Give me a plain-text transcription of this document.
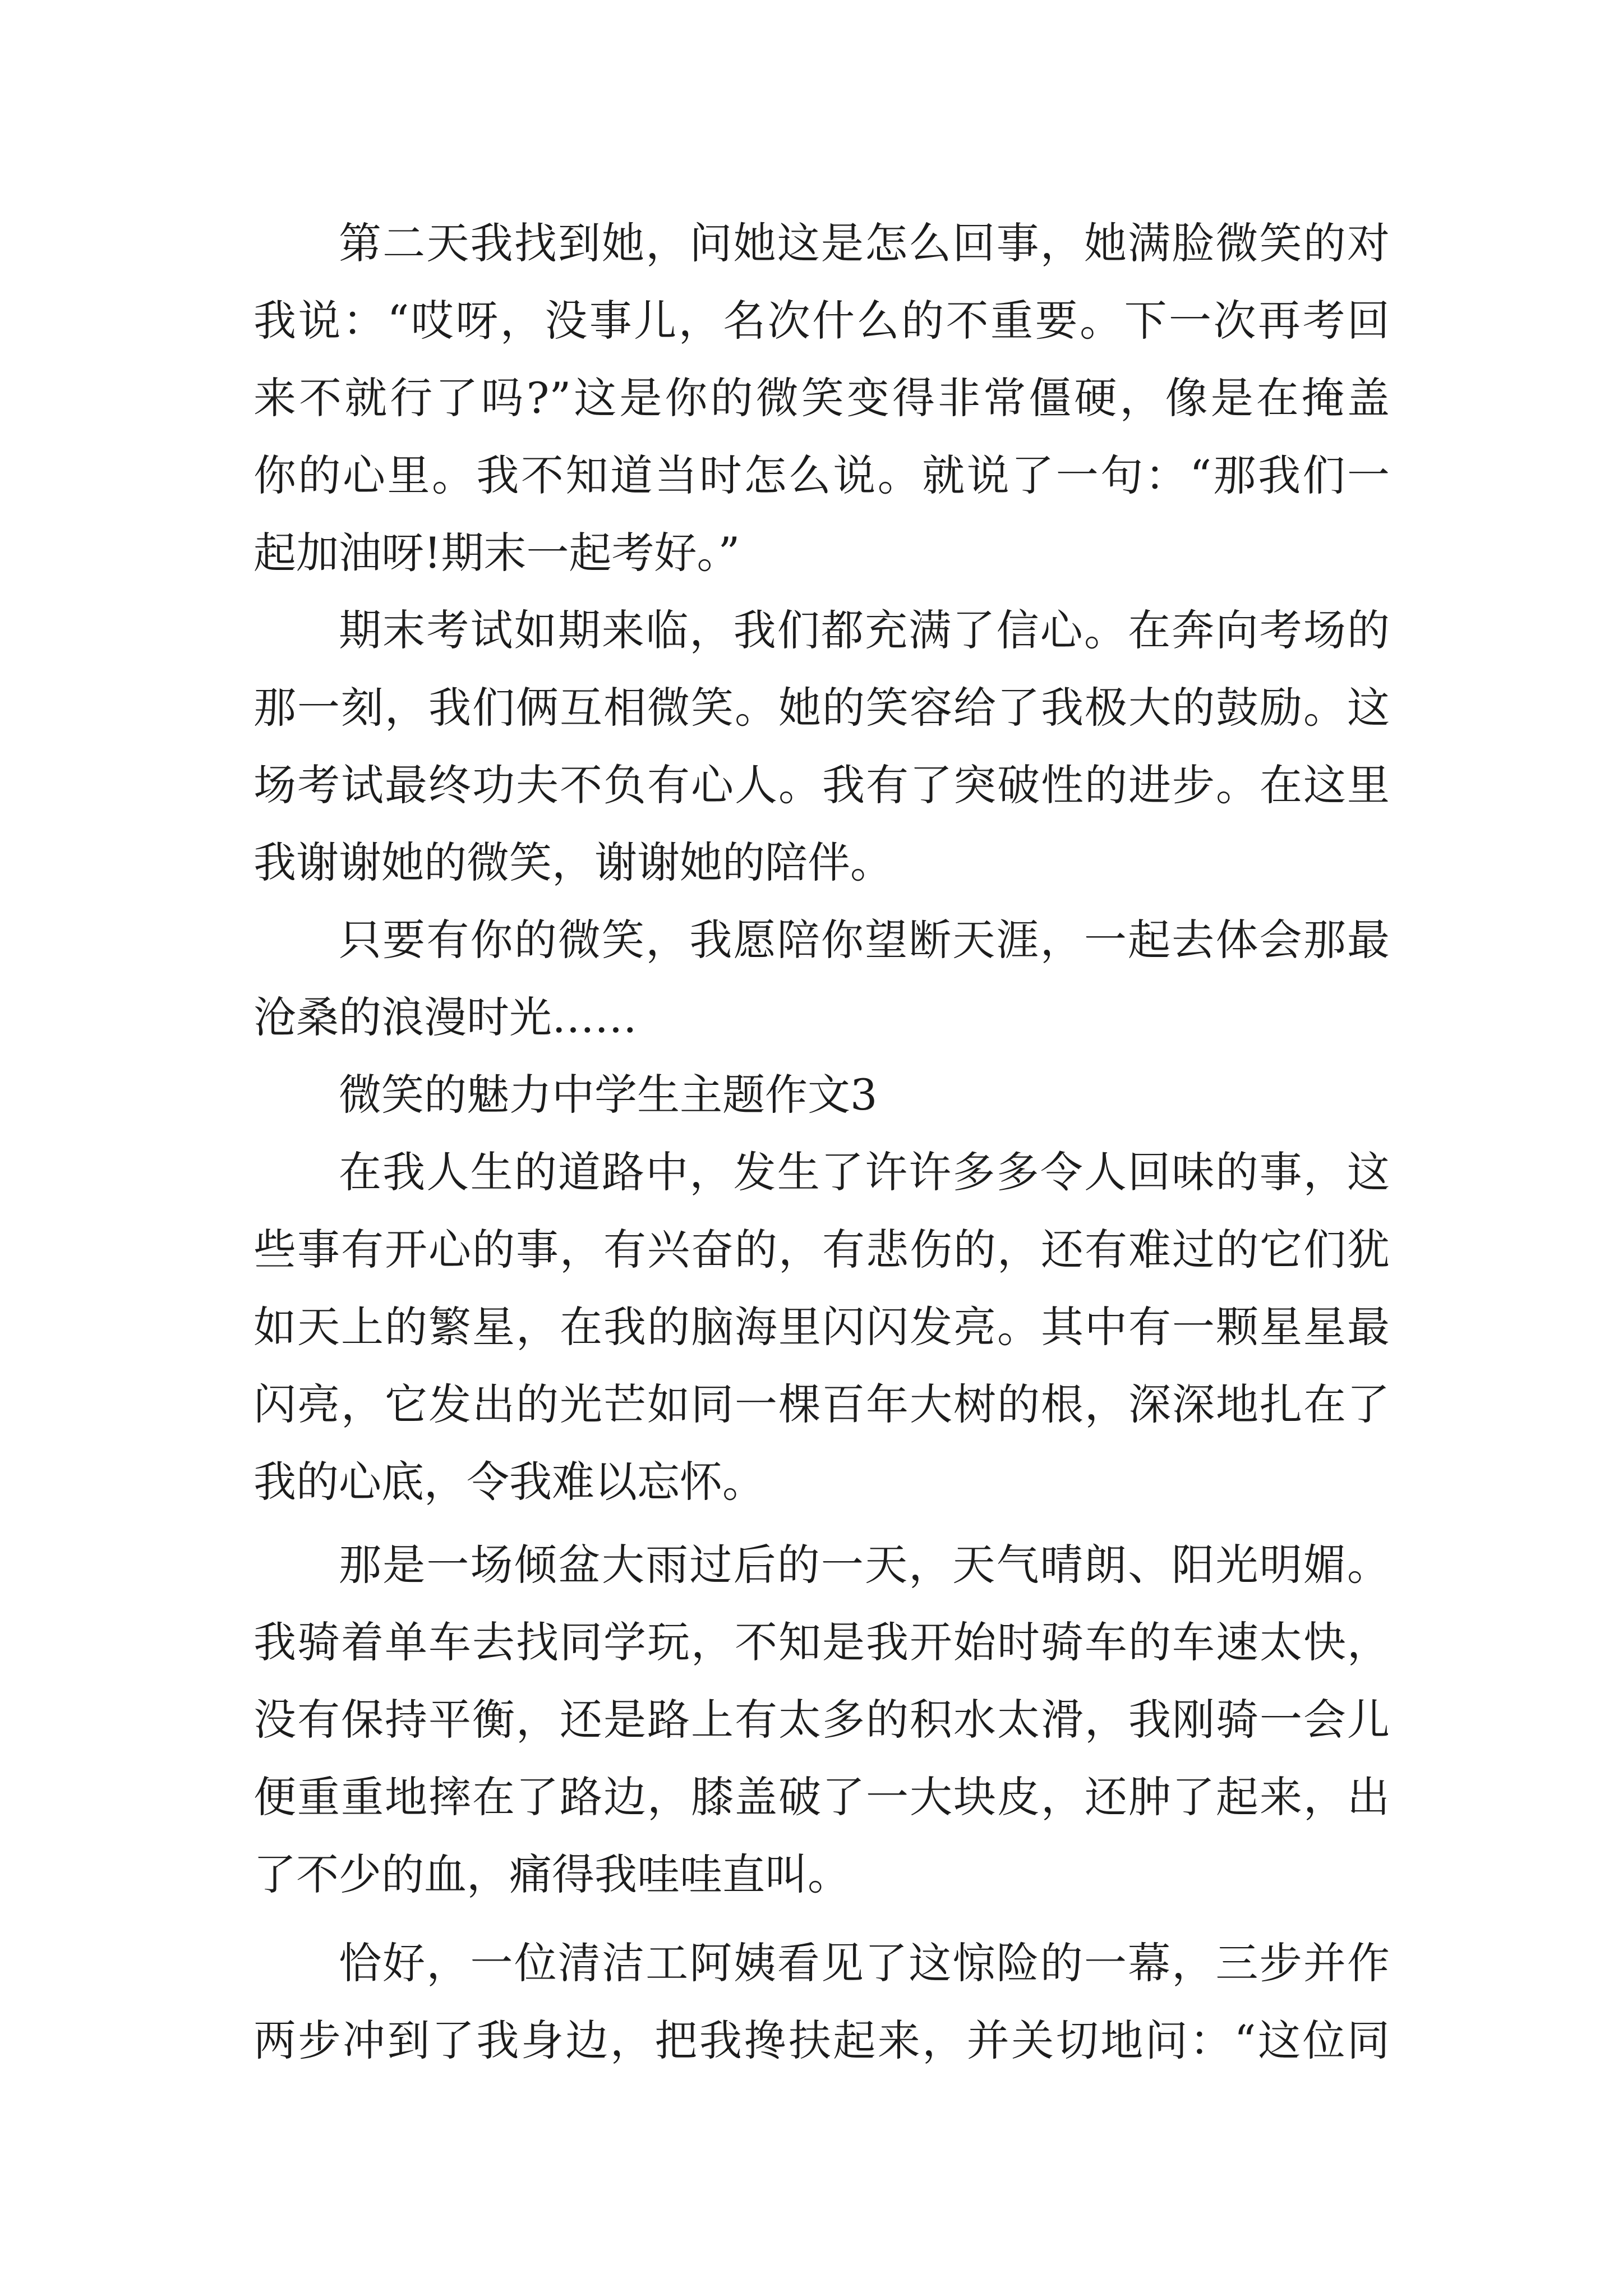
第二天我找到她，问她这是怎么回事，她满脸微笑的对
我说：“哎呀，没事儿，名次什么的不重要。下一次再考回
来不就行了吗?”这是你的微笑变得非常僵硬，像是在掩盖
你的心里。我不知道当时怎么说。就说了一句：“那我们一
起加油呀!期末一起考好。”

期末考试如期来临，我们都充满了信心。在奔向考场的
那一刻，我们俩互相微笑。她的笑容给了我极大的鼓励。这
场考试最终功夫不负有心人。我有了突破性的进步。在这里
我谢谢她的微笑，谢谢她的陪伴。

只要有你的微笑，我愿陪你望断天涯，一起去体会那最
沧桑的浪漫时光……

微笑的魅力中学生主题作文3

在我人生的道路中，发生了许许多多令人回味的事，这
些事有开心的事，有兴奋的，有悲伤的，还有难过的它们犹
如天上的繁星，在我的脑海里闪闪发亮。其中有一颗星星最
闪亮，它发出的光芒如同一棵百年大树的根，深深地扎在了
我的心底，令我难以忘怀。

那是一场倾盆大雨过后的一天，天气晴朗、阳光明媚。
我骑着单车去找同学玩，不知是我开始时骑车的车速太快，
没有保持平衡，还是路上有太多的积水太滑，我刚骑一会儿
便重重地摔在了路边，膝盖破了一大块皮，还肿了起来，出
了不少的血，痛得我哇哇直叫。

恰好，一位清洁工阿姨看见了这惊险的一幕，三步并作
两步冲到了我身边，把我搀扶起来，并关切地问：“这位同
